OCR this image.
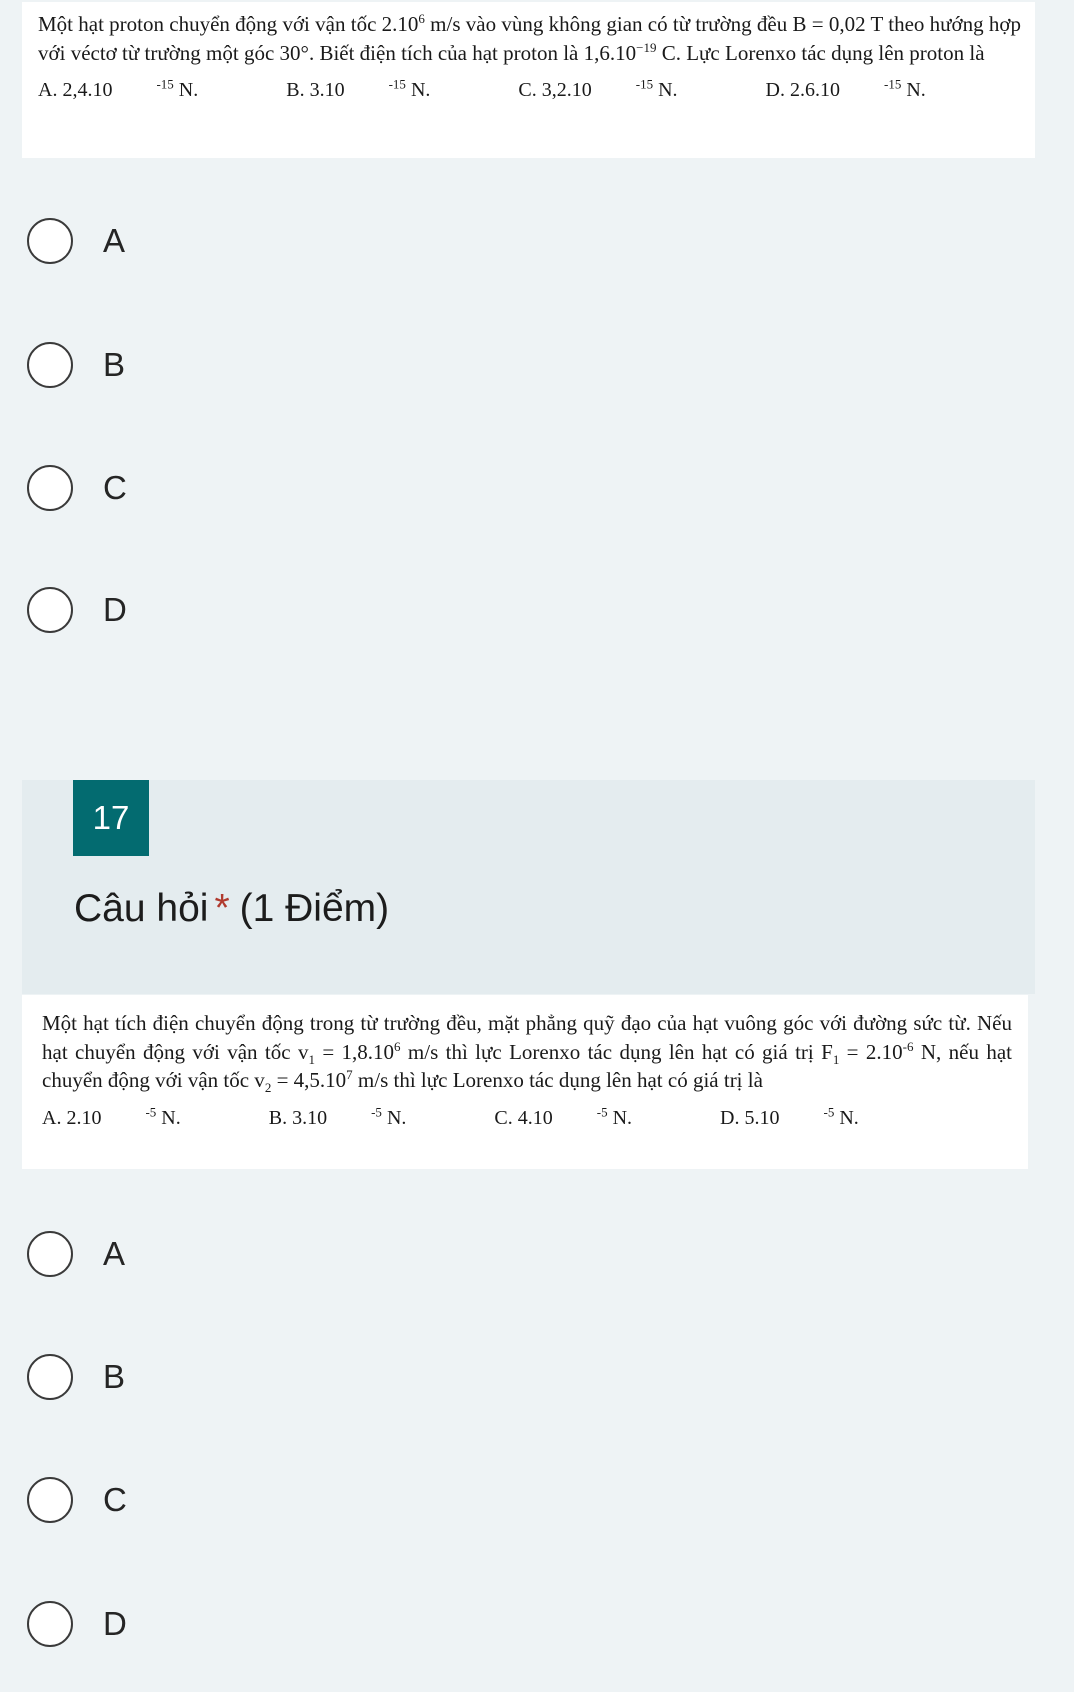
Một hạt proton chuyển động với vận tốc 2.10$^6$ m/s vào vùng không gian có từ trường đều B = 0,02 T theo hướng hợp với véctơ từ trường một góc 30°. Biết điện tích của hạt proton là $1,6.10^{-19}$ C. Lực Lorenxo tác dụng lên proton là
A. 2,4.10	$^{-15}$ N.	B. 3.10	$^{-15}$ N.	C. 3,2.10	$^{-15}$ N.	D. 2.6.10	$^{-15}$ N.
A
B
C
D
17
Câu hỏi * (1 Điểm)
Một hạt tích điện chuyển động trong từ trường đều, mặt phẳng quỹ đạo của hạt vuông góc với đường sức từ. Nếu hạt chuyển động với vận tốc $v_1 = 1,8.10^6$ m/s thì lực Lorenxo tác dụng lên hạt có giá trị $F_1 = 2.10^{-6}$ N, nếu hạt chuyển động với vận tốc $v_2 = 4,5.10^7$ m/s thì lực Lorenxo tác dụng lên hạt có giá trị là
A. 2.10	$^{-5}$ N.	B. 3.10	$^{-5}$ N.	C. 4.10	$^{-5}$ N.	D. 5.10	$^{-5}$ N.
A
B
C
D
